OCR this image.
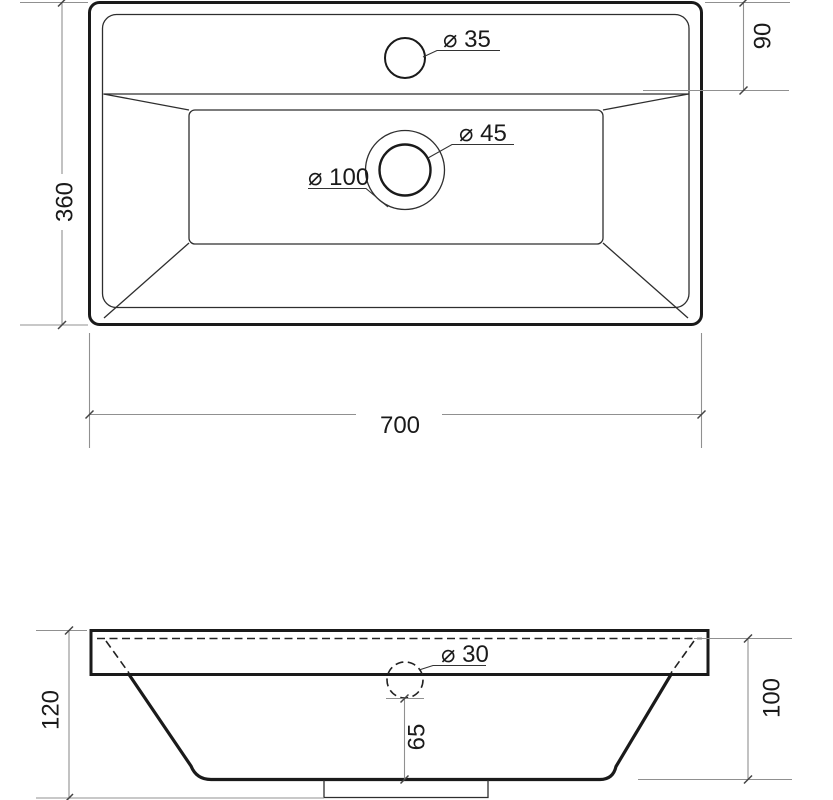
⌀ 35
⌀ 45
⌀ 100
90
360
700
⌀ 30
120	100
65
